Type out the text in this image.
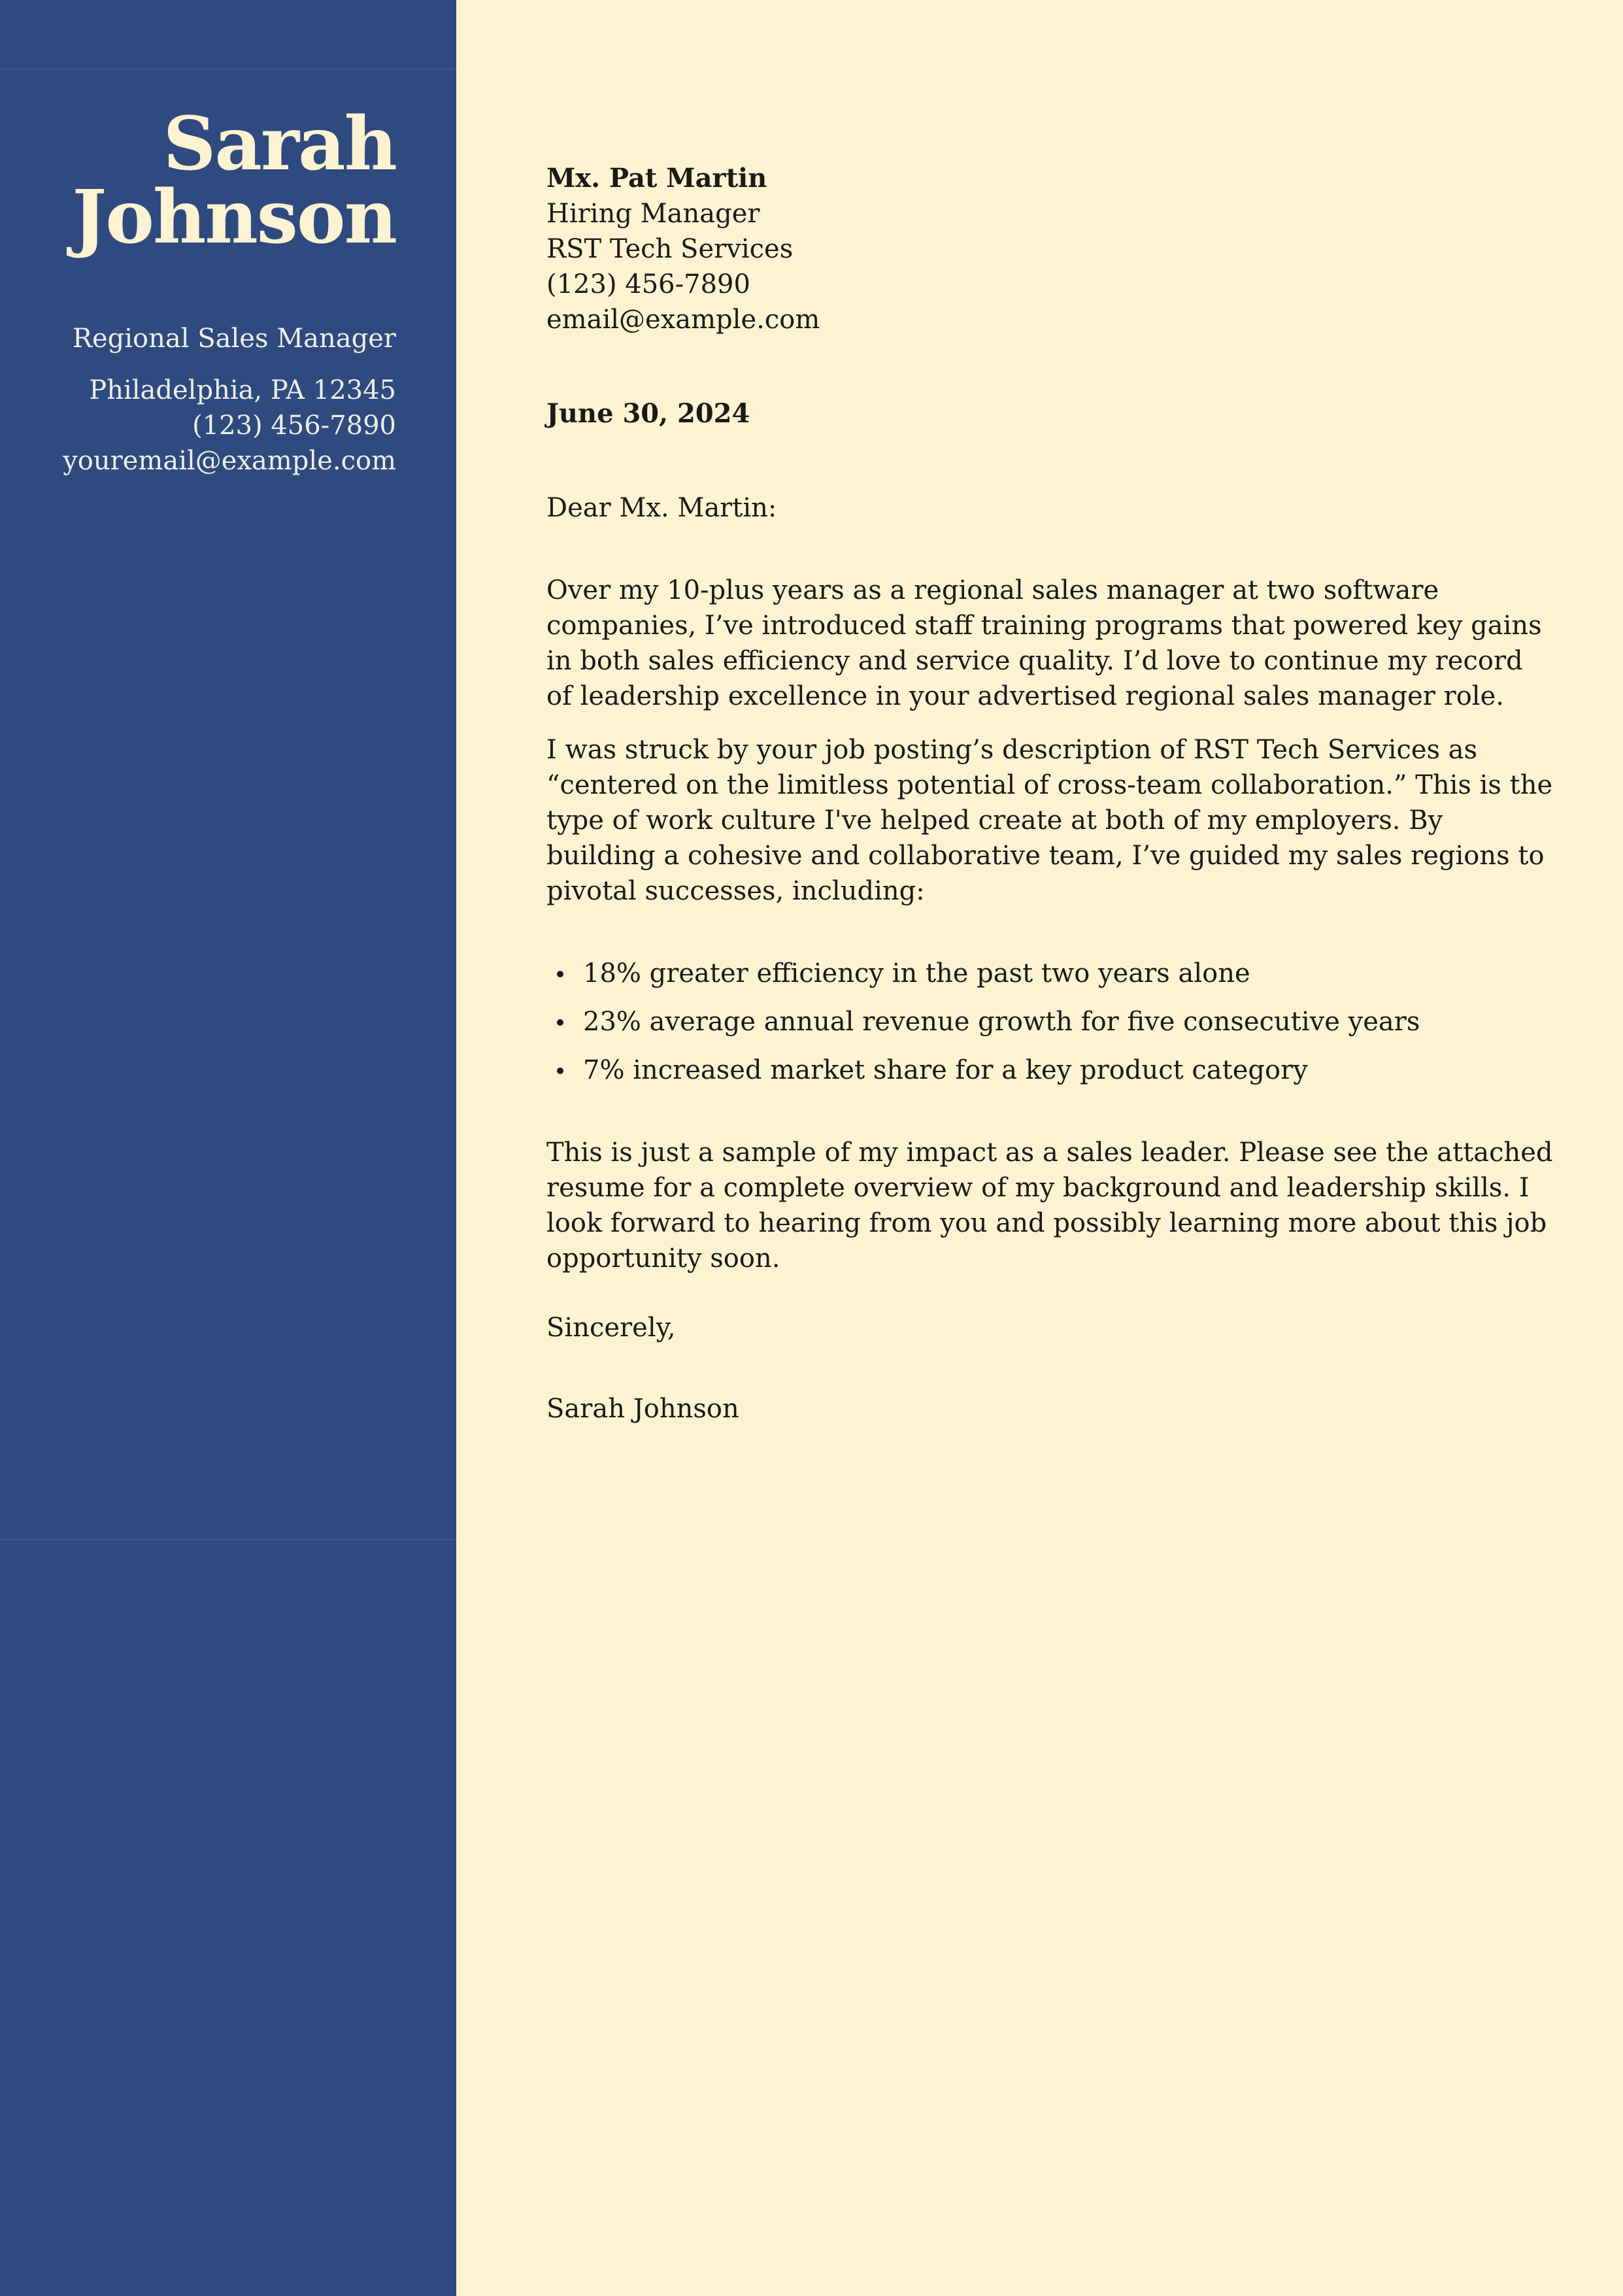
Sarah
Johnson
Regional Sales Manager
Philadelphia, PA 12345
(123) 456-7890
youremail@example.com
Mx. Pat Martin
Hiring Manager
RST Tech Services
(123) 456-7890
email@example.com
June 30, 2024
Dear Mx. Martin:

Over my 10-plus years as a regional sales manager at two software companies, I’ve introduced staff training programs that powered key gains in both sales efficiency and service quality. I’d love to continue my record of leadership excellence in your advertised regional sales manager role.

I was struck by your job posting’s description of RST Tech Services as “centered on the limitless potential of cross-team collaboration.” This is the type of work culture I've helped create at both of my employers. By building a cohesive and collaborative team, I’ve guided my sales regions to pivotal successes, including:

18% greater efficiency in the past two years alone
23% average annual revenue growth for five consecutive years
7% increased market share for a key product category

This is just a sample of my impact as a sales leader. Please see the attached resume for a complete overview of my background and leadership skills. I look forward to hearing from you and possibly learning more about this job opportunity soon.

Sincerely,
Sarah Johnson
